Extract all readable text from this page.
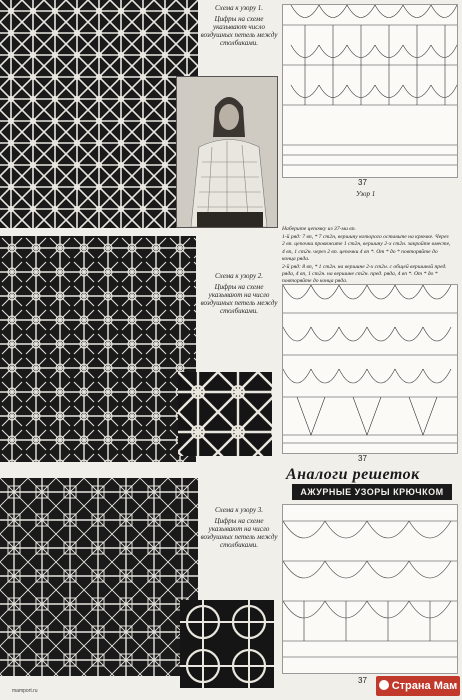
Схема к узору 1.
Цифры на схеме указывают число воздушных петель между столбиками.
37
Узор 1

Наберите цепочку из 37-ми вп.

1-й ряд: 7 вп, * 7 ст2н, вершину которого оставьте на крючке. Через 2 вп. цепочки провяжите 1 ст2н, вершину 2-х ст2н. закройте вместе, 4 вп, 1 ст2н. через 2 вп. цепочки 4 вп *. От * до * повторяйте до конца ряда.

2-й ряд: 8 вп, * 1 ст2н. на вершине 2-х ст2н. с общей вершиной пред. ряда, 4 вп, 1 ст2н. на вершине ст2н. пред. ряда, 4 вп *. От * до * повторяйте до конца ряда.

Схема к узору 2.
Цифры на схеме указывают на число воздушных петель между столбиками.
37
Аналоги решеток
АЖУРНЫЕ УЗОРЫ КРЮЧКОМ
Схема к узору 3.
Цифры на схеме указывают на число воздушных петель между столбиками.
37
mamport.ru	Страна Мам
